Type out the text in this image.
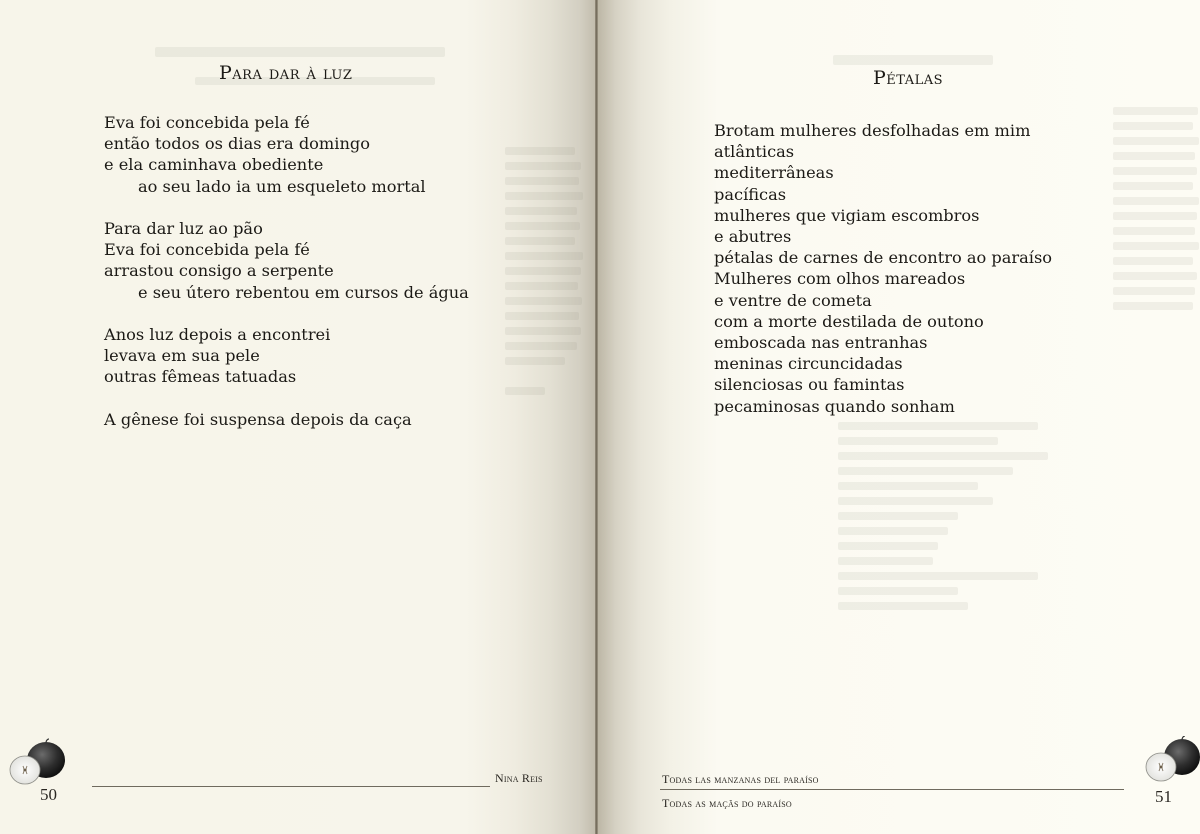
Para dar à luz
Eva foi concebida pela fé
então todos os dias era domingo
e ela caminhava obediente
ao seu lado ia um esqueleto mortal
Para dar luz ao pão
Eva foi concebida pela fé
arrastou consigo a serpente
e seu útero rebentou em cursos de água
Anos luz depois a encontrei
levava em sua pele
outras fêmeas tatuadas
A gênese foi suspensa depois da caça
50
Nina Reis
Pétalas
Brotam mulheres desfolhadas em mim
atlânticas
mediterrâneas
pacíficas
mulheres que vigiam escombros
e abutres
pétalas de carnes de encontro ao paraíso
Mulheres com olhos mareados
e ventre de cometa
com a morte destilada de outono
emboscada nas entranhas
meninas circuncidadas
silenciosas ou famintas
pecaminosas quando sonham
Todas las manzanas del paraíso
Todas as maçãs do paraíso	51
